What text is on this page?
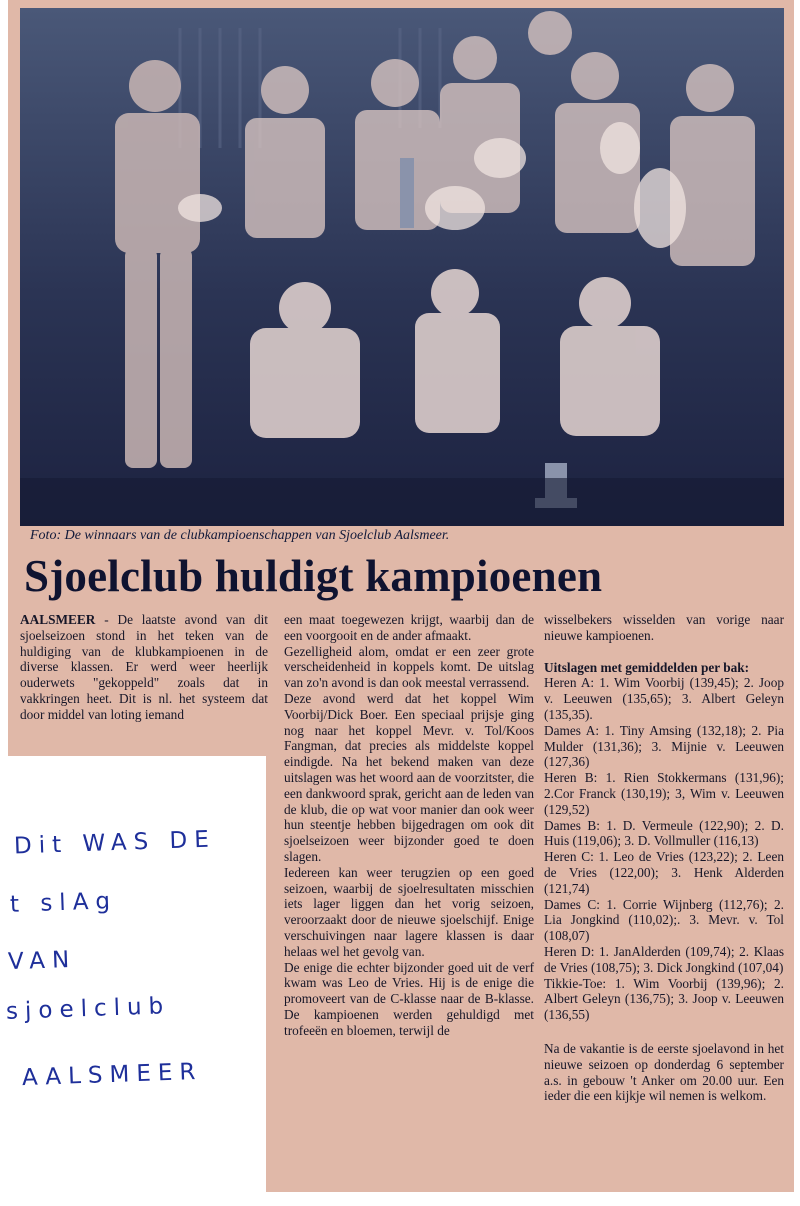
Foto: De winnaars van de clubkampioenschappen van Sjoelclub Aalsmeer.
Sjoelclub huldigt kampioenen

AALSMEER - De laatste avond van dit sjoelseizoen stond in het teken van de huldiging van de klubkampioenen in de diverse klassen. Er werd weer heerlijk ouderwets "gekoppeld" zoals dat in vakkringen heet. Dit is nl. het systeem dat door middel van loting iemand

een maat toegewezen krijgt, waarbij dan de een voorgooit en de ander afmaakt.

Gezelligheid alom, omdat er een zeer grote verscheidenheid in koppels komt. De uitslag van zo'n avond is dan ook meestal verrassend.

Deze avond werd dat het koppel Wim Voorbij/Dick Boer. Een speciaal prijsje ging nog naar het koppel Mevr. v. Tol/Koos Fangman, dat precies als middelste koppel eindigde. Na het bekend maken van deze uitslagen was het woord aan de voorzitster, die een dankwoord sprak, gericht aan de leden van de klub, die op wat voor manier dan ook weer hun steentje hebben bijgedragen om ook dit sjoelseizoen weer bijzonder goed te doen slagen.

Iedereen kan weer terugzien op een goed seizoen, waarbij de sjoelresultaten misschien iets lager liggen dan het vorig seizoen, veroorzaakt door de nieuwe sjoelschijf. Enige verschuivingen naar lagere klassen is daar helaas wel het gevolg van.

De enige die echter bijzonder goed uit de verf kwam was Leo de Vries. Hij is de enige die promoveert van de C-klasse naar de B-klasse. De kampioenen werden gehuldigd met trofeeën en bloemen, terwijl de

wisselbekers wisselden van vorige naar nieuwe kampioenen.

Uitslagen met gemiddelden per bak:

Heren A: 1. Wim Voorbij (139,45); 2. Joop v. Leeuwen (135,65); 3. Albert Geleyn (135,35).

Dames A: 1. Tiny Amsing (132,18); 2. Pia Mulder (131,36); 3. Mijnie v. Leeuwen (127,36)

Heren B: 1. Rien Stokkermans (131,96); 2.Cor Franck (130,19); 3, Wim v. Leeuwen (129,52)

Dames B: 1. D. Vermeule (122,90); 2. D. Huis (119,06); 3. D. Vollmuller (116,13)

Heren C: 1. Leo de Vries (123,22); 2. Leen de Vries (122,00); 3. Henk Alderden (121,74)

Dames C: 1. Corrie Wijnberg (112,76); 2. Lia Jongkind (110,02);. 3. Mevr. v. Tol (108,07)

Heren D: 1. JanAlderden (109,74); 2. Klaas de Vries (108,75); 3. Dick Jongkind (107,04)

Tikkie-Toe: 1. Wim Voorbij (139,96); 2. Albert Geleyn (136,75); 3. Joop v. Leeuwen (136,55)

Na de vakantie is de eerste sjoelavond in het nieuwe seizoen op donderdag 6 september a.s. in gebouw 't Anker om 20.00 uur. Een ieder die een kijkje wil nemen is welkom.

Dit WAS DE
t slAg
VAN
sjoelclub
AALSMEER
